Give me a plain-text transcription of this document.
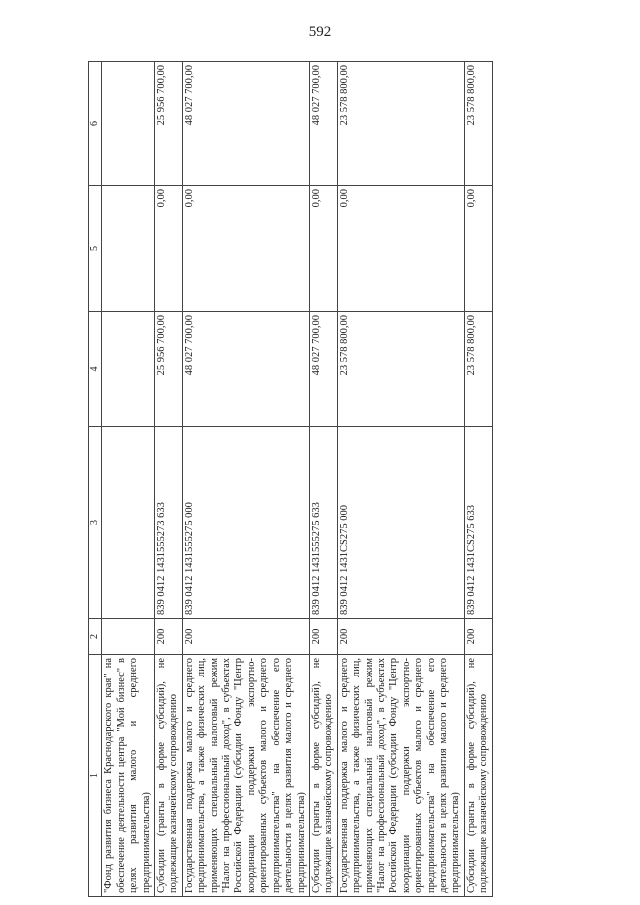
592
1	2	3	4	5	6
"Фонд развития бизнеса Краснодарского края" на обеспечение деятельности центра "Мой бизнес" в целях развития малого и среднего предпринимательства)					
Субсидии (гранты в форме субсидий), не подлежащие казначейскому сопровождению	200	839 0412 1431555273 633	25 956 700,00	0,00	25 956 700,00
Государственная поддержка малого и среднего предпринимательства, а также физических лиц, применяющих специальный налоговый режим "Налог на профессиональный доход", в субъектах Российской Федерации (субсидии Фонду "Центр координации поддержки экспортно-ориентированных субъектов малого и среднего предпринимательства" на обеспечение его деятельности в целях развития малого и среднего предпринимательства)	200	839 0412 1431555275 000	48 027 700,00	0,00	48 027 700,00
Субсидии (гранты в форме субсидий), не подлежащие казначейскому сопровождению	200	839 0412 1431555275 633	48 027 700,00	0,00	48 027 700,00
Государственная поддержка малого и среднего предпринимательства, а также физических лиц, применяющих специальный налоговый режим "Налог на профессиональный доход", в субъектах Российской Федерации (субсидии Фонду "Центр координации поддержки экспортно-ориентированных субъектов малого и среднего предпринимательства" на обеспечение его деятельности в целях развития малого и среднего предпринимательства)	200	839 0412 1431СS275 000	23 578 800,00	0,00	23 578 800,00
Субсидии (гранты в форме субсидий), не подлежащие казначейскому сопровождению	200	839 0412 1431СS275 633	23 578 800,00	0,00	23 578 800,00
